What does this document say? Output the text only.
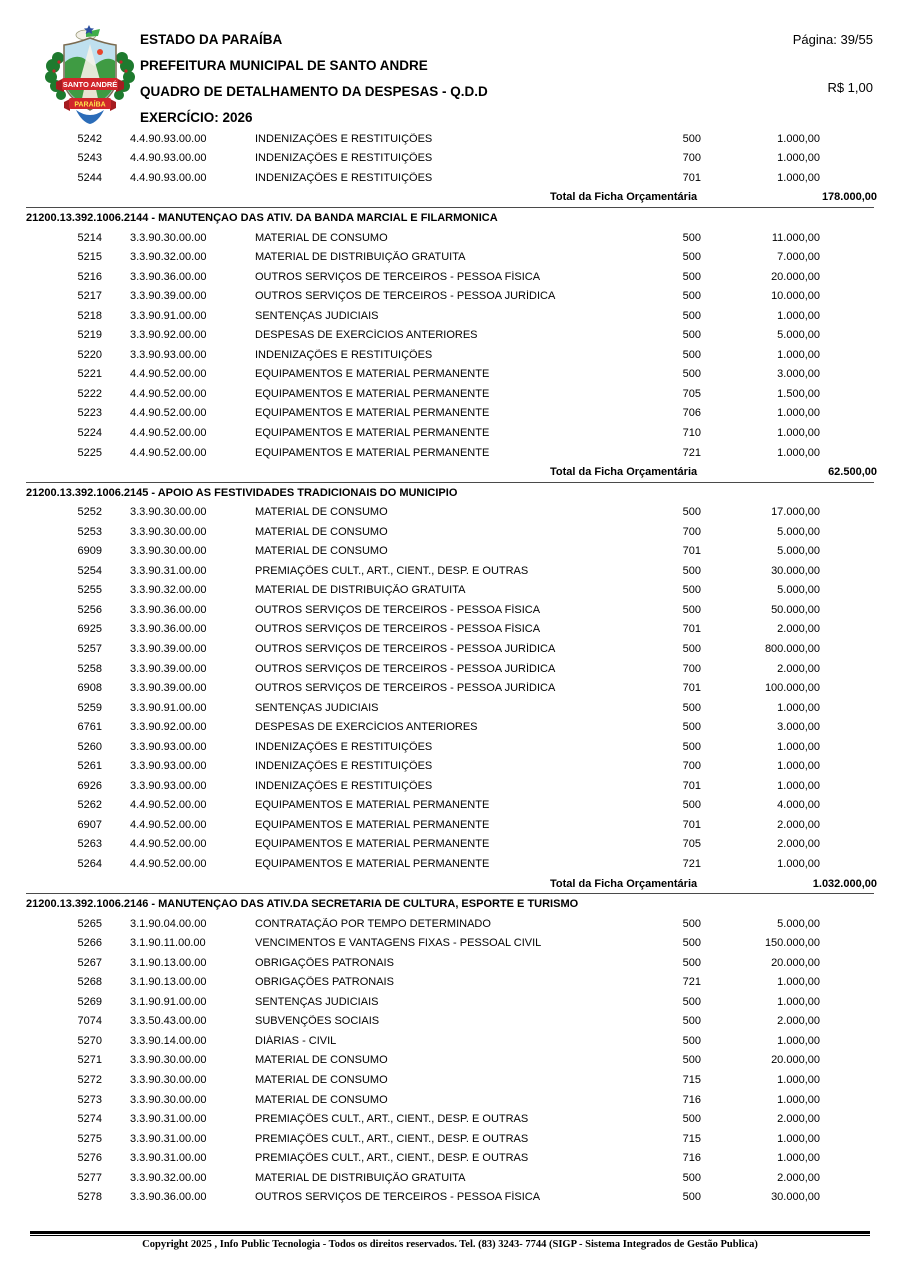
SANTO ANDRÉ
PARAÍBA
ESTADO DA PARAÍBA
PREFEITURA MUNICIPAL DE SANTO ANDRE
QUADRO DE DETALHAMENTO DA DESPESAS - Q.D.D
EXERCÍCIO: 2026
Página: 39/55
R$ 1,00
5242	4.4.90.93.00.00	INDENIZAÇÕES E RESTITUIÇÕES	500	1.000,00
5243	4.4.90.93.00.00	INDENIZAÇÕES E RESTITUIÇÕES	700	1.000,00
5244	4.4.90.93.00.00	INDENIZAÇÕES E RESTITUIÇÕES	701	1.000,00
Total da Ficha Orçamentária	178.000,00
21200.13.392.1006.2144 - MANUTENÇAO DAS ATIV. DA BANDA MARCIAL E FILARMONICA
5214	3.3.90.30.00.00	MATERIAL DE CONSUMO	500	11.000,00
5215	3.3.90.32.00.00	MATERIAL DE DISTRIBUIÇÃO GRATUITA	500	7.000,00
5216	3.3.90.36.00.00	OUTROS SERVIÇOS DE TERCEIROS - PESSOA FÍSICA	500	20.000,00
5217	3.3.90.39.00.00	OUTROS SERVIÇOS DE TERCEIROS - PESSOA JURÍDICA	500	10.000,00
5218	3.3.90.91.00.00	SENTENÇAS JUDICIAIS	500	1.000,00
5219	3.3.90.92.00.00	DESPESAS DE EXERCÍCIOS ANTERIORES	500	5.000,00
5220	3.3.90.93.00.00	INDENIZAÇÕES E RESTITUIÇÕES	500	1.000,00
5221	4.4.90.52.00.00	EQUIPAMENTOS E MATERIAL PERMANENTE	500	3.000,00
5222	4.4.90.52.00.00	EQUIPAMENTOS E MATERIAL PERMANENTE	705	1.500,00
5223	4.4.90.52.00.00	EQUIPAMENTOS E MATERIAL PERMANENTE	706	1.000,00
5224	4.4.90.52.00.00	EQUIPAMENTOS E MATERIAL PERMANENTE	710	1.000,00
5225	4.4.90.52.00.00	EQUIPAMENTOS E MATERIAL PERMANENTE	721	1.000,00
Total da Ficha Orçamentária	62.500,00
21200.13.392.1006.2145 - APOIO AS FESTIVIDADES TRADICIONAIS DO MUNICIPIO
5252	3.3.90.30.00.00	MATERIAL DE CONSUMO	500	17.000,00
5253	3.3.90.30.00.00	MATERIAL DE CONSUMO	700	5.000,00
6909	3.3.90.30.00.00	MATERIAL DE CONSUMO	701	5.000,00
5254	3.3.90.31.00.00	PREMIAÇÕES CULT., ART., CIENT., DESP. E OUTRAS	500	30.000,00
5255	3.3.90.32.00.00	MATERIAL DE DISTRIBUIÇÃO GRATUITA	500	5.000,00
5256	3.3.90.36.00.00	OUTROS SERVIÇOS DE TERCEIROS - PESSOA FÍSICA	500	50.000,00
6925	3.3.90.36.00.00	OUTROS SERVIÇOS DE TERCEIROS - PESSOA FÍSICA	701	2.000,00
5257	3.3.90.39.00.00	OUTROS SERVIÇOS DE TERCEIROS - PESSOA JURÍDICA	500	800.000,00
5258	3.3.90.39.00.00	OUTROS SERVIÇOS DE TERCEIROS - PESSOA JURÍDICA	700	2.000,00
6908	3.3.90.39.00.00	OUTROS SERVIÇOS DE TERCEIROS - PESSOA JURÍDICA	701	100.000,00
5259	3.3.90.91.00.00	SENTENÇAS JUDICIAIS	500	1.000,00
6761	3.3.90.92.00.00	DESPESAS DE EXERCÍCIOS ANTERIORES	500	3.000,00
5260	3.3.90.93.00.00	INDENIZAÇÕES E RESTITUIÇÕES	500	1.000,00
5261	3.3.90.93.00.00	INDENIZAÇÕES E RESTITUIÇÕES	700	1.000,00
6926	3.3.90.93.00.00	INDENIZAÇÕES E RESTITUIÇÕES	701	1.000,00
5262	4.4.90.52.00.00	EQUIPAMENTOS E MATERIAL PERMANENTE	500	4.000,00
6907	4.4.90.52.00.00	EQUIPAMENTOS E MATERIAL PERMANENTE	701	2.000,00
5263	4.4.90.52.00.00	EQUIPAMENTOS E MATERIAL PERMANENTE	705	2.000,00
5264	4.4.90.52.00.00	EQUIPAMENTOS E MATERIAL PERMANENTE	721	1.000,00
Total da Ficha Orçamentária	1.032.000,00
21200.13.392.1006.2146 - MANUTENÇAO DAS ATIV.DA SECRETARIA DE CULTURA, ESPORTE E TURISMO
5265	3.1.90.04.00.00	CONTRATAÇÃO POR TEMPO DETERMINADO	500	5.000,00
5266	3.1.90.11.00.00	VENCIMENTOS E VANTAGENS FIXAS - PESSOAL CIVIL	500	150.000,00
5267	3.1.90.13.00.00	OBRIGAÇÕES PATRONAIS	500	20.000,00
5268	3.1.90.13.00.00	OBRIGAÇÕES PATRONAIS	721	1.000,00
5269	3.1.90.91.00.00	SENTENÇAS JUDICIAIS	500	1.000,00
7074	3.3.50.43.00.00	SUBVENÇÕES SOCIAIS	500	2.000,00
5270	3.3.90.14.00.00	DIÁRIAS - CIVIL	500	1.000,00
5271	3.3.90.30.00.00	MATERIAL DE CONSUMO	500	20.000,00
5272	3.3.90.30.00.00	MATERIAL DE CONSUMO	715	1.000,00
5273	3.3.90.30.00.00	MATERIAL DE CONSUMO	716	1.000,00
5274	3.3.90.31.00.00	PREMIAÇÕES CULT., ART., CIENT., DESP. E OUTRAS	500	2.000,00
5275	3.3.90.31.00.00	PREMIAÇÕES CULT., ART., CIENT., DESP. E OUTRAS	715	1.000,00
5276	3.3.90.31.00.00	PREMIAÇÕES CULT., ART., CIENT., DESP. E OUTRAS	716	1.000,00
5277	3.3.90.32.00.00	MATERIAL DE DISTRIBUIÇÃO GRATUITA	500	2.000,00
5278	3.3.90.36.00.00	OUTROS SERVIÇOS DE TERCEIROS - PESSOA FÍSICA	500	30.000,00
Copyright 2025 , Info Public Tecnologia - Todos os direitos reservados. Tel. (83) 3243- 7744 (SIGP - Sistema Integrados de Gestão Publica)
